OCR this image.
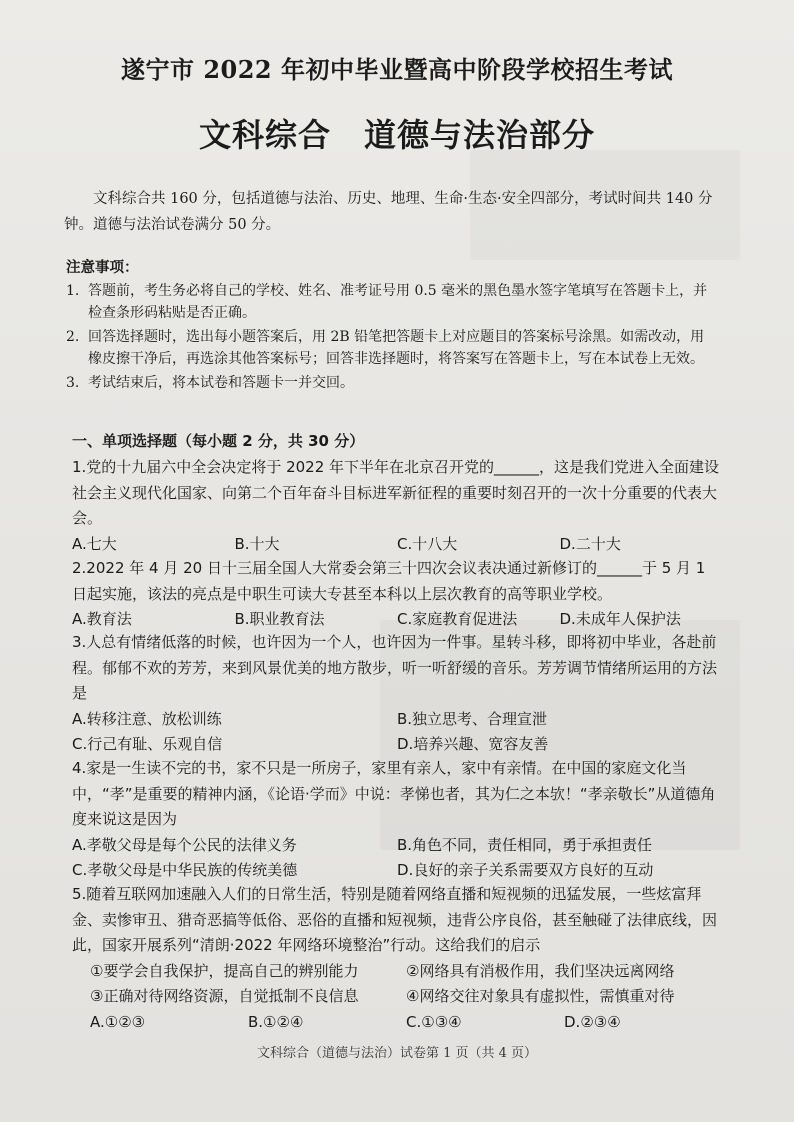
遂宁市 2022 年初中毕业暨高中阶段学校招生考试
文科综合　道德与法治部分
文科综合共 160 分，包括道德与法治、历史、地理、生命·生态·安全四部分，考试时间共 140 分钟。道德与法治试卷满分 50 分。
注意事项：
1. 答题前，考生务必将自己的学校、姓名、准考证号用 0.5 毫米的黑色墨水签字笔填写在答题卡上，并检查条形码粘贴是否正确。
2. 回答选择题时，选出每小题答案后，用 2B 铅笔把答题卡上对应题目的答案标号涂黑。如需改动，用橡皮擦干净后，再选涂其他答案标号；回答非选择题时，将答案写在答题卡上，写在本试卷上无效。
3. 考试结束后，将本试卷和答题卡一并交回。
一、单项选择题（每小题 2 分，共 30 分）
1.党的十九届六中全会决定将于 2022 年下半年在北京召开党的______，这是我们党进入全面建设社会主义现代化国家、向第二个百年奋斗目标进军新征程的重要时刻召开的一次十分重要的代表大会。
A.七大	B.十大	C.十八大	D.二十大
2.2022 年 4 月 20 日十三届全国人大常委会第三十四次会议表决通过新修订的______于 5 月 1 日起实施，该法的亮点是中职生可读大专甚至本科以上层次教育的高等职业学校。
A.教育法	B.职业教育法	C.家庭教育促进法	D.未成年人保护法
3.人总有情绪低落的时候，也许因为一个人，也许因为一件事。星转斗移，即将初中毕业，各赴前程。郁郁不欢的芳芳，来到风景优美的地方散步，听一听舒缓的音乐。芳芳调节情绪所运用的方法是
A.转移注意、放松训练	B.独立思考、合理宣泄
C.行己有耻、乐观自信	D.培养兴趣、宽容友善
4.家是一生读不完的书，家不只是一所房子，家里有亲人，家中有亲情。在中国的家庭文化当中，“孝”是重要的精神内涵，《论语·学而》中说：孝悌也者，其为仁之本欤！“孝亲敬长”从道德角度来说这是因为
A.孝敬父母是每个公民的法律义务	B.角色不同，责任相同，勇于承担责任
C.孝敬父母是中华民族的传统美德	D.良好的亲子关系需要双方良好的互动
5.随着互联网加速融入人们的日常生活，特别是随着网络直播和短视频的迅猛发展，一些炫富拜金、卖惨审丑、猎奇恶搞等低俗、恶俗的直播和短视频，违背公序良俗，甚至触碰了法律底线，因此，国家开展系列“清朗·2022 年网络环境整治”行动。这给我们的启示
①要学会自我保护，提高自己的辨别能力	②网络具有消极作用，我们坚决远离网络
③正确对待网络资源，自觉抵制不良信息	④网络交往对象具有虚拟性，需慎重对待
A.①②③	B.①②④	C.①③④	D.②③④
文科综合（道德与法治）试卷第 1 页（共 4 页）
